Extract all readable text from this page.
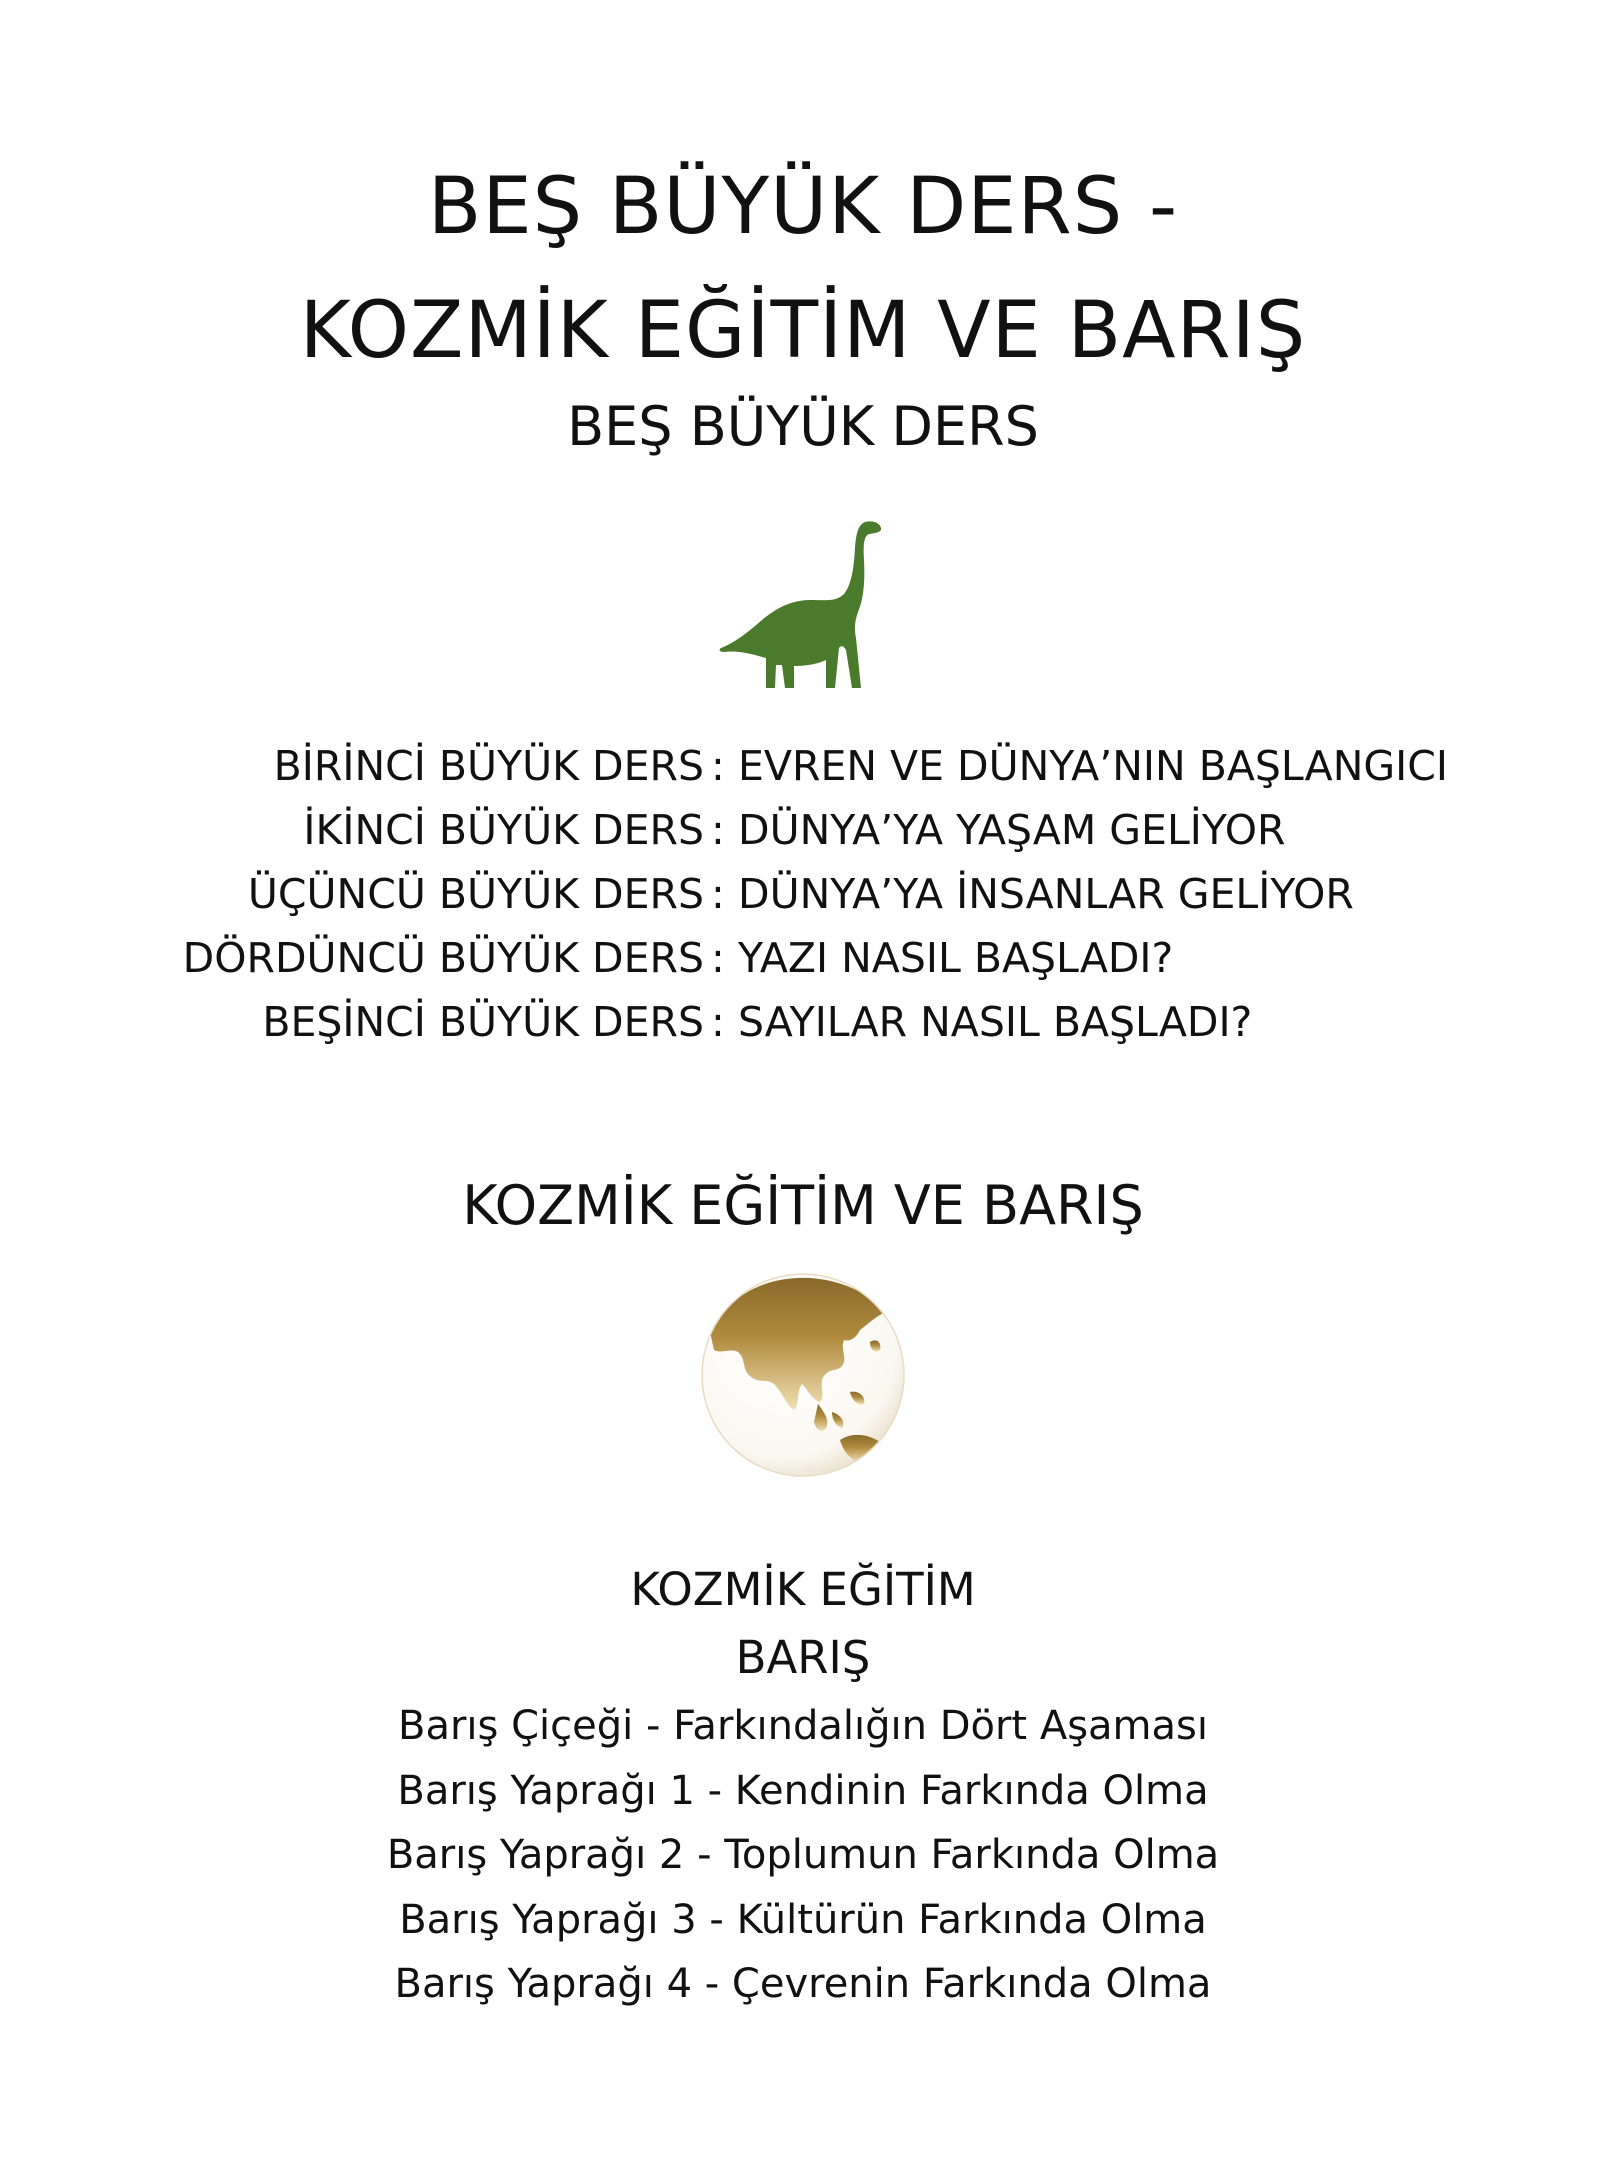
BEŞ BÜYÜK DERS -
KOZMİK EĞİTİM VE BARIŞ
BEŞ BÜYÜK DERS
BİRİNCİ BÜYÜK DERS : EVREN VE DÜNYA’NIN BAŞLANGICI
İKİNCİ BÜYÜK DERS : DÜNYA’YA YAŞAM GELİYOR
ÜÇÜNCÜ BÜYÜK DERS : DÜNYA’YA İNSANLAR GELİYOR
DÖRDÜNCÜ BÜYÜK DERS : YAZI NASIL BAŞLADI?
BEŞİNCİ BÜYÜK DERS : SAYILAR NASIL BAŞLADI?
KOZMİK EĞİTİM VE BARIŞ
KOZMİK EĞİTİM
BARIŞ
Barış Çiçeği - Farkındalığın Dört Aşaması
Barış Yaprağı 1 - Kendinin Farkında Olma
Barış Yaprağı 2 - Toplumun Farkında Olma
Barış Yaprağı 3 - Kültürün Farkında Olma
Barış Yaprağı 4 - Çevrenin Farkında Olma
